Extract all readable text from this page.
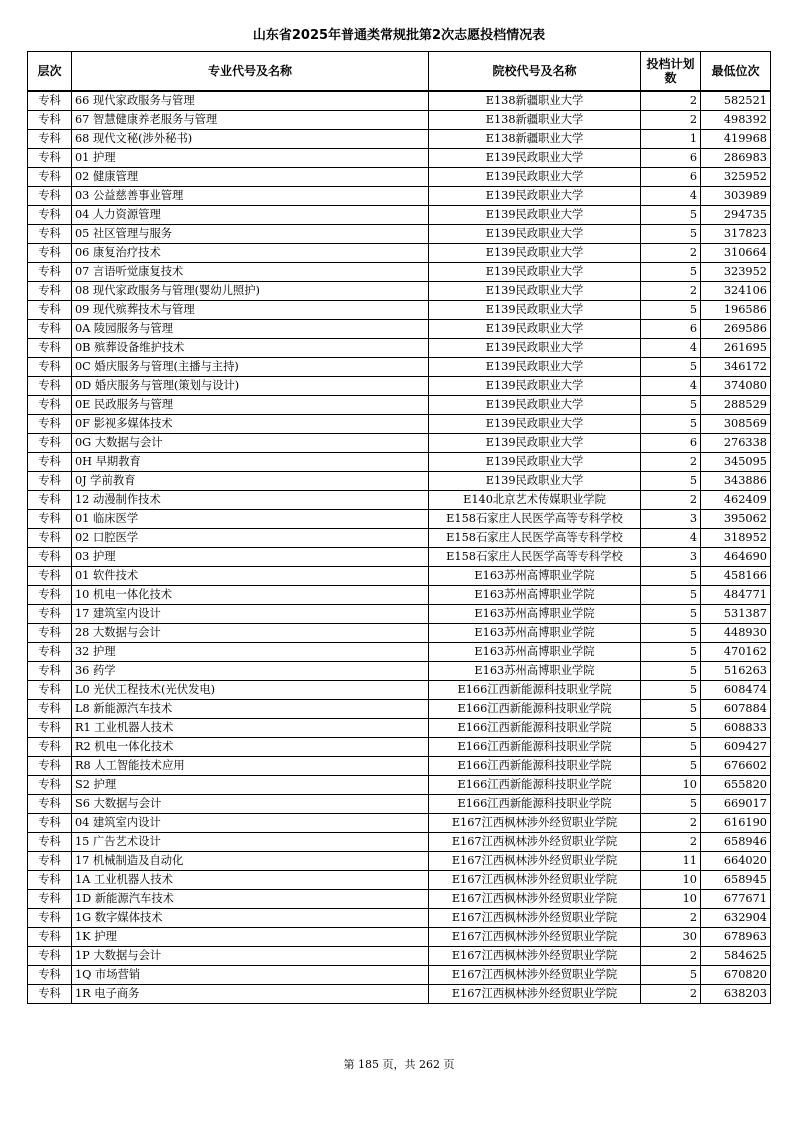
山东省2025年普通类常规批第2次志愿投档情况表
层次	专业代号及名称	院校代号及名称	投档计划数	最低位次
专科	66 现代家政服务与管理	E138新疆职业大学	2	582521
专科	67 智慧健康养老服务与管理	E138新疆职业大学	2	498392
专科	68 现代文秘(涉外秘书)	E138新疆职业大学	1	419968
专科	01 护理	E139民政职业大学	6	286983
专科	02 健康管理	E139民政职业大学	6	325952
专科	03 公益慈善事业管理	E139民政职业大学	4	303989
专科	04 人力资源管理	E139民政职业大学	5	294735
专科	05 社区管理与服务	E139民政职业大学	5	317823
专科	06 康复治疗技术	E139民政职业大学	2	310664
专科	07 言语听觉康复技术	E139民政职业大学	5	323952
专科	08 现代家政服务与管理(婴幼儿照护)	E139民政职业大学	2	324106
专科	09 现代殡葬技术与管理	E139民政职业大学	5	196586
专科	0A 陵园服务与管理	E139民政职业大学	6	269586
专科	0B 殡葬设备维护技术	E139民政职业大学	4	261695
专科	0C 婚庆服务与管理(主播与主持)	E139民政职业大学	5	346172
专科	0D 婚庆服务与管理(策划与设计)	E139民政职业大学	4	374080
专科	0E 民政服务与管理	E139民政职业大学	5	288529
专科	0F 影视多媒体技术	E139民政职业大学	5	308569
专科	0G 大数据与会计	E139民政职业大学	6	276338
专科	0H 早期教育	E139民政职业大学	2	345095
专科	0J 学前教育	E139民政职业大学	5	343886
专科	12 动漫制作技术	E140北京艺术传媒职业学院	2	462409
专科	01 临床医学	E158石家庄人民医学高等专科学校	3	395062
专科	02 口腔医学	E158石家庄人民医学高等专科学校	4	318952
专科	03 护理	E158石家庄人民医学高等专科学校	3	464690
专科	01 软件技术	E163苏州高博职业学院	5	458166
专科	10 机电一体化技术	E163苏州高博职业学院	5	484771
专科	17 建筑室内设计	E163苏州高博职业学院	5	531387
专科	28 大数据与会计	E163苏州高博职业学院	5	448930
专科	32 护理	E163苏州高博职业学院	5	470162
专科	36 药学	E163苏州高博职业学院	5	516263
专科	L0 光伏工程技术(光伏发电)	E166江西新能源科技职业学院	5	608474
专科	L8 新能源汽车技术	E166江西新能源科技职业学院	5	607884
专科	R1 工业机器人技术	E166江西新能源科技职业学院	5	608833
专科	R2 机电一体化技术	E166江西新能源科技职业学院	5	609427
专科	R8 人工智能技术应用	E166江西新能源科技职业学院	5	676602
专科	S2 护理	E166江西新能源科技职业学院	10	655820
专科	S6 大数据与会计	E166江西新能源科技职业学院	5	669017
专科	04 建筑室内设计	E167江西枫林涉外经贸职业学院	2	616190
专科	15 广告艺术设计	E167江西枫林涉外经贸职业学院	2	658946
专科	17 机械制造及自动化	E167江西枫林涉外经贸职业学院	11	664020
专科	1A 工业机器人技术	E167江西枫林涉外经贸职业学院	10	658945
专科	1D 新能源汽车技术	E167江西枫林涉外经贸职业学院	10	677671
专科	1G 数字媒体技术	E167江西枫林涉外经贸职业学院	2	632904
专科	1K 护理	E167江西枫林涉外经贸职业学院	30	678963
专科	1P 大数据与会计	E167江西枫林涉外经贸职业学院	2	584625
专科	1Q 市场营销	E167江西枫林涉外经贸职业学院	5	670820
专科	1R 电子商务	E167江西枫林涉外经贸职业学院	2	638203
第 185 页，共 262 页
